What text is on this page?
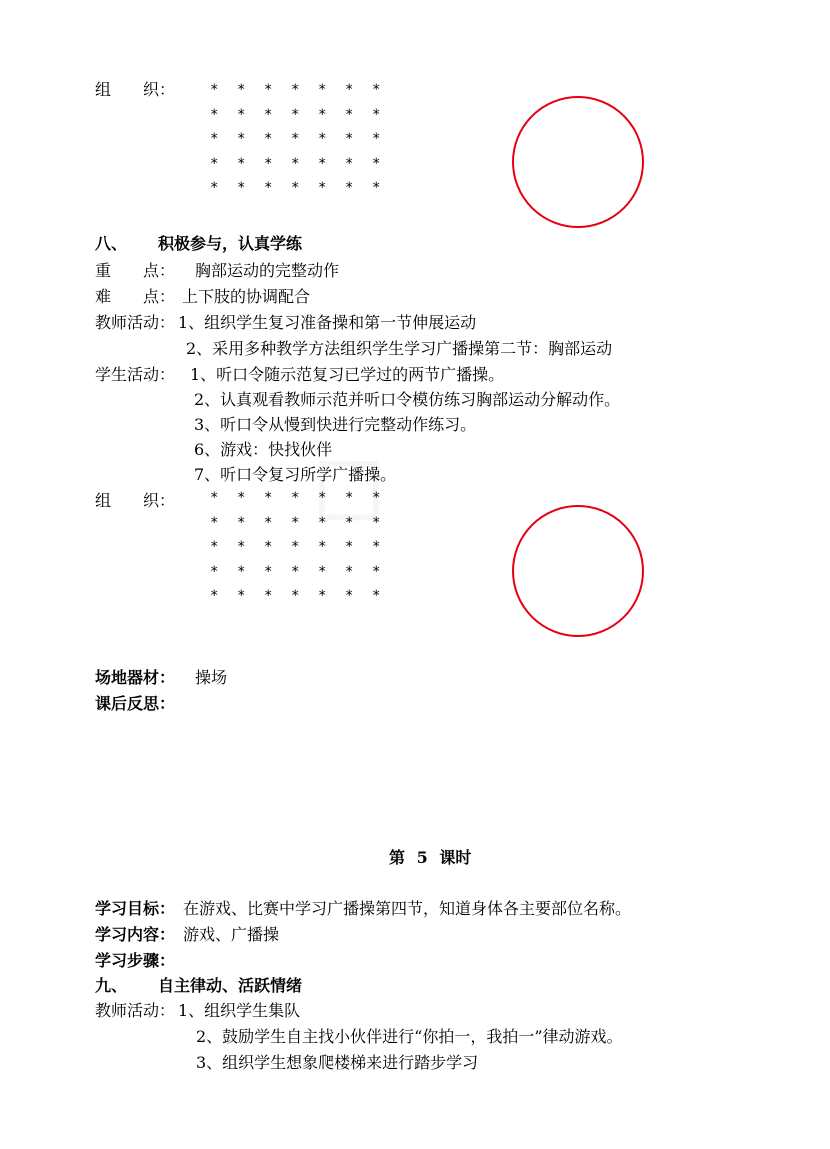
组　　织： * * * * * * *
* * * * * * *
* * * * * * *
* * * * * * *
* * * * * * *
八、 积极参与，认真学练
重　　点： 胸部运动的完整动作
难　　点： 上下肢的协调配合
教师活动： 1、组织学生复习准备操和第一节伸展运动
2、采用多种教学方法组织学生学习广播操第二节：胸部运动
学生活动： 1、听口令随示范复习已学过的两节广播操。
2、认真观看教师示范并听口令模仿练习胸部运动分解动作。
3、听口令从慢到快进行完整动作练习。
6、游戏：快找伙伴
7、听口令复习所学广播操。
组　　织： * * * * * * *
* * * * * * *
* * * * * * *
* * * * * * *
* * * * * * *
场地器材： 操场
课后反思：
第 5 课时
学习目标： 在游戏、比赛中学习广播操第四节，知道身体各主要部位名称。
学习内容： 游戏、广播操
学习步骤：
九、 自主律动、活跃情绪
教师活动： 1、组织学生集队
2、鼓励学生自主找小伙伴进行“你拍一，我拍一”律动游戏。
3、组织学生想象爬楼梯来进行踏步学习
